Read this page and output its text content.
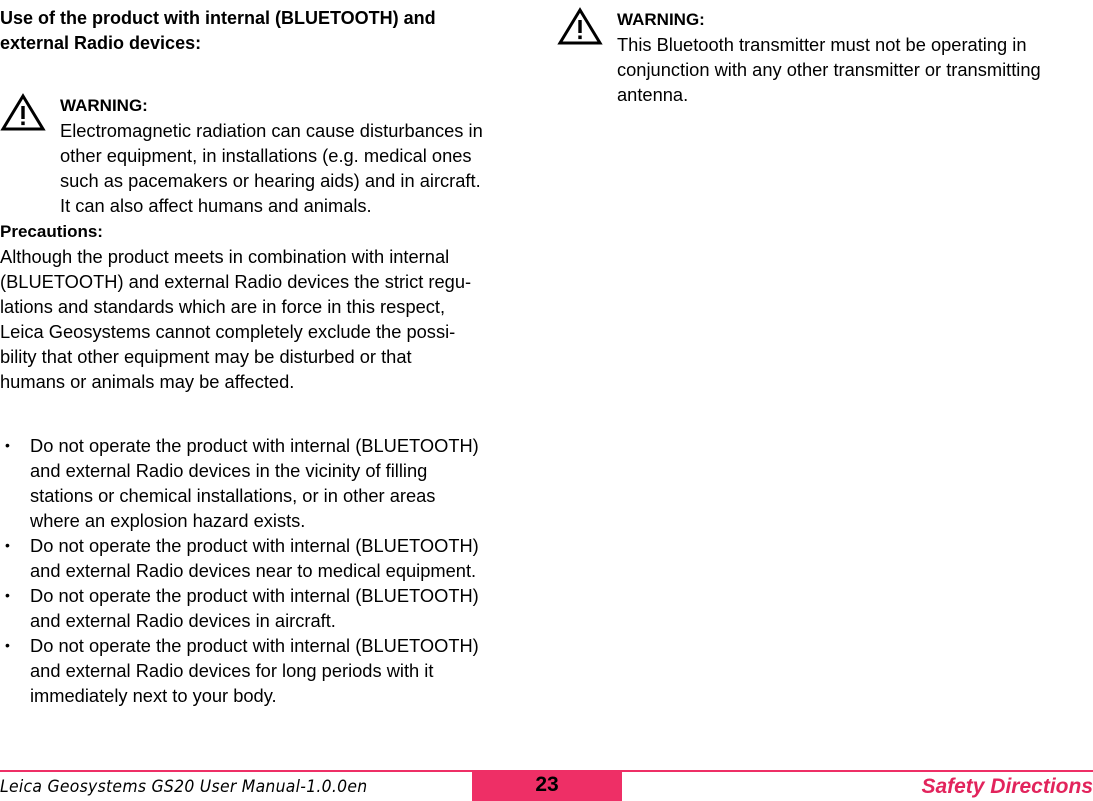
Use of the product with internal (BLUETOOTH) and
external Radio devices:

WARNING:
Electromagnetic radiation can cause disturbances in
other equipment, in installations (e.g. medical ones
such as pacemakers or hearing aids) and in aircraft.
It can also affect humans and animals.

Precautions:

Although the product meets in combination with internal
(BLUETOOTH) and external Radio devices the strict regu-
lations and standards which are in force in this respect,
Leica Geosystems cannot completely exclude the possi-
bility that other equipment may be disturbed or that
humans or animals may be affected.

• Do not operate the product with internal (BLUETOOTH)
and external Radio devices in the vicinity of filling
stations or chemical installations, or in other areas
where an explosion hazard exists.
• Do not operate the product with internal (BLUETOOTH)
and external Radio devices near to medical equipment.
• Do not operate the product with internal (BLUETOOTH)
and external Radio devices in aircraft.
• Do not operate the product with internal (BLUETOOTH)
and external Radio devices for long periods with it
immediately next to your body.
WARNING:
This Bluetooth transmitter must not be operating in
conjunction with any other transmitter or transmitting
antenna.
Leica Geosystems GS20 User Manual-1.0.0en	23	Safety Directions
